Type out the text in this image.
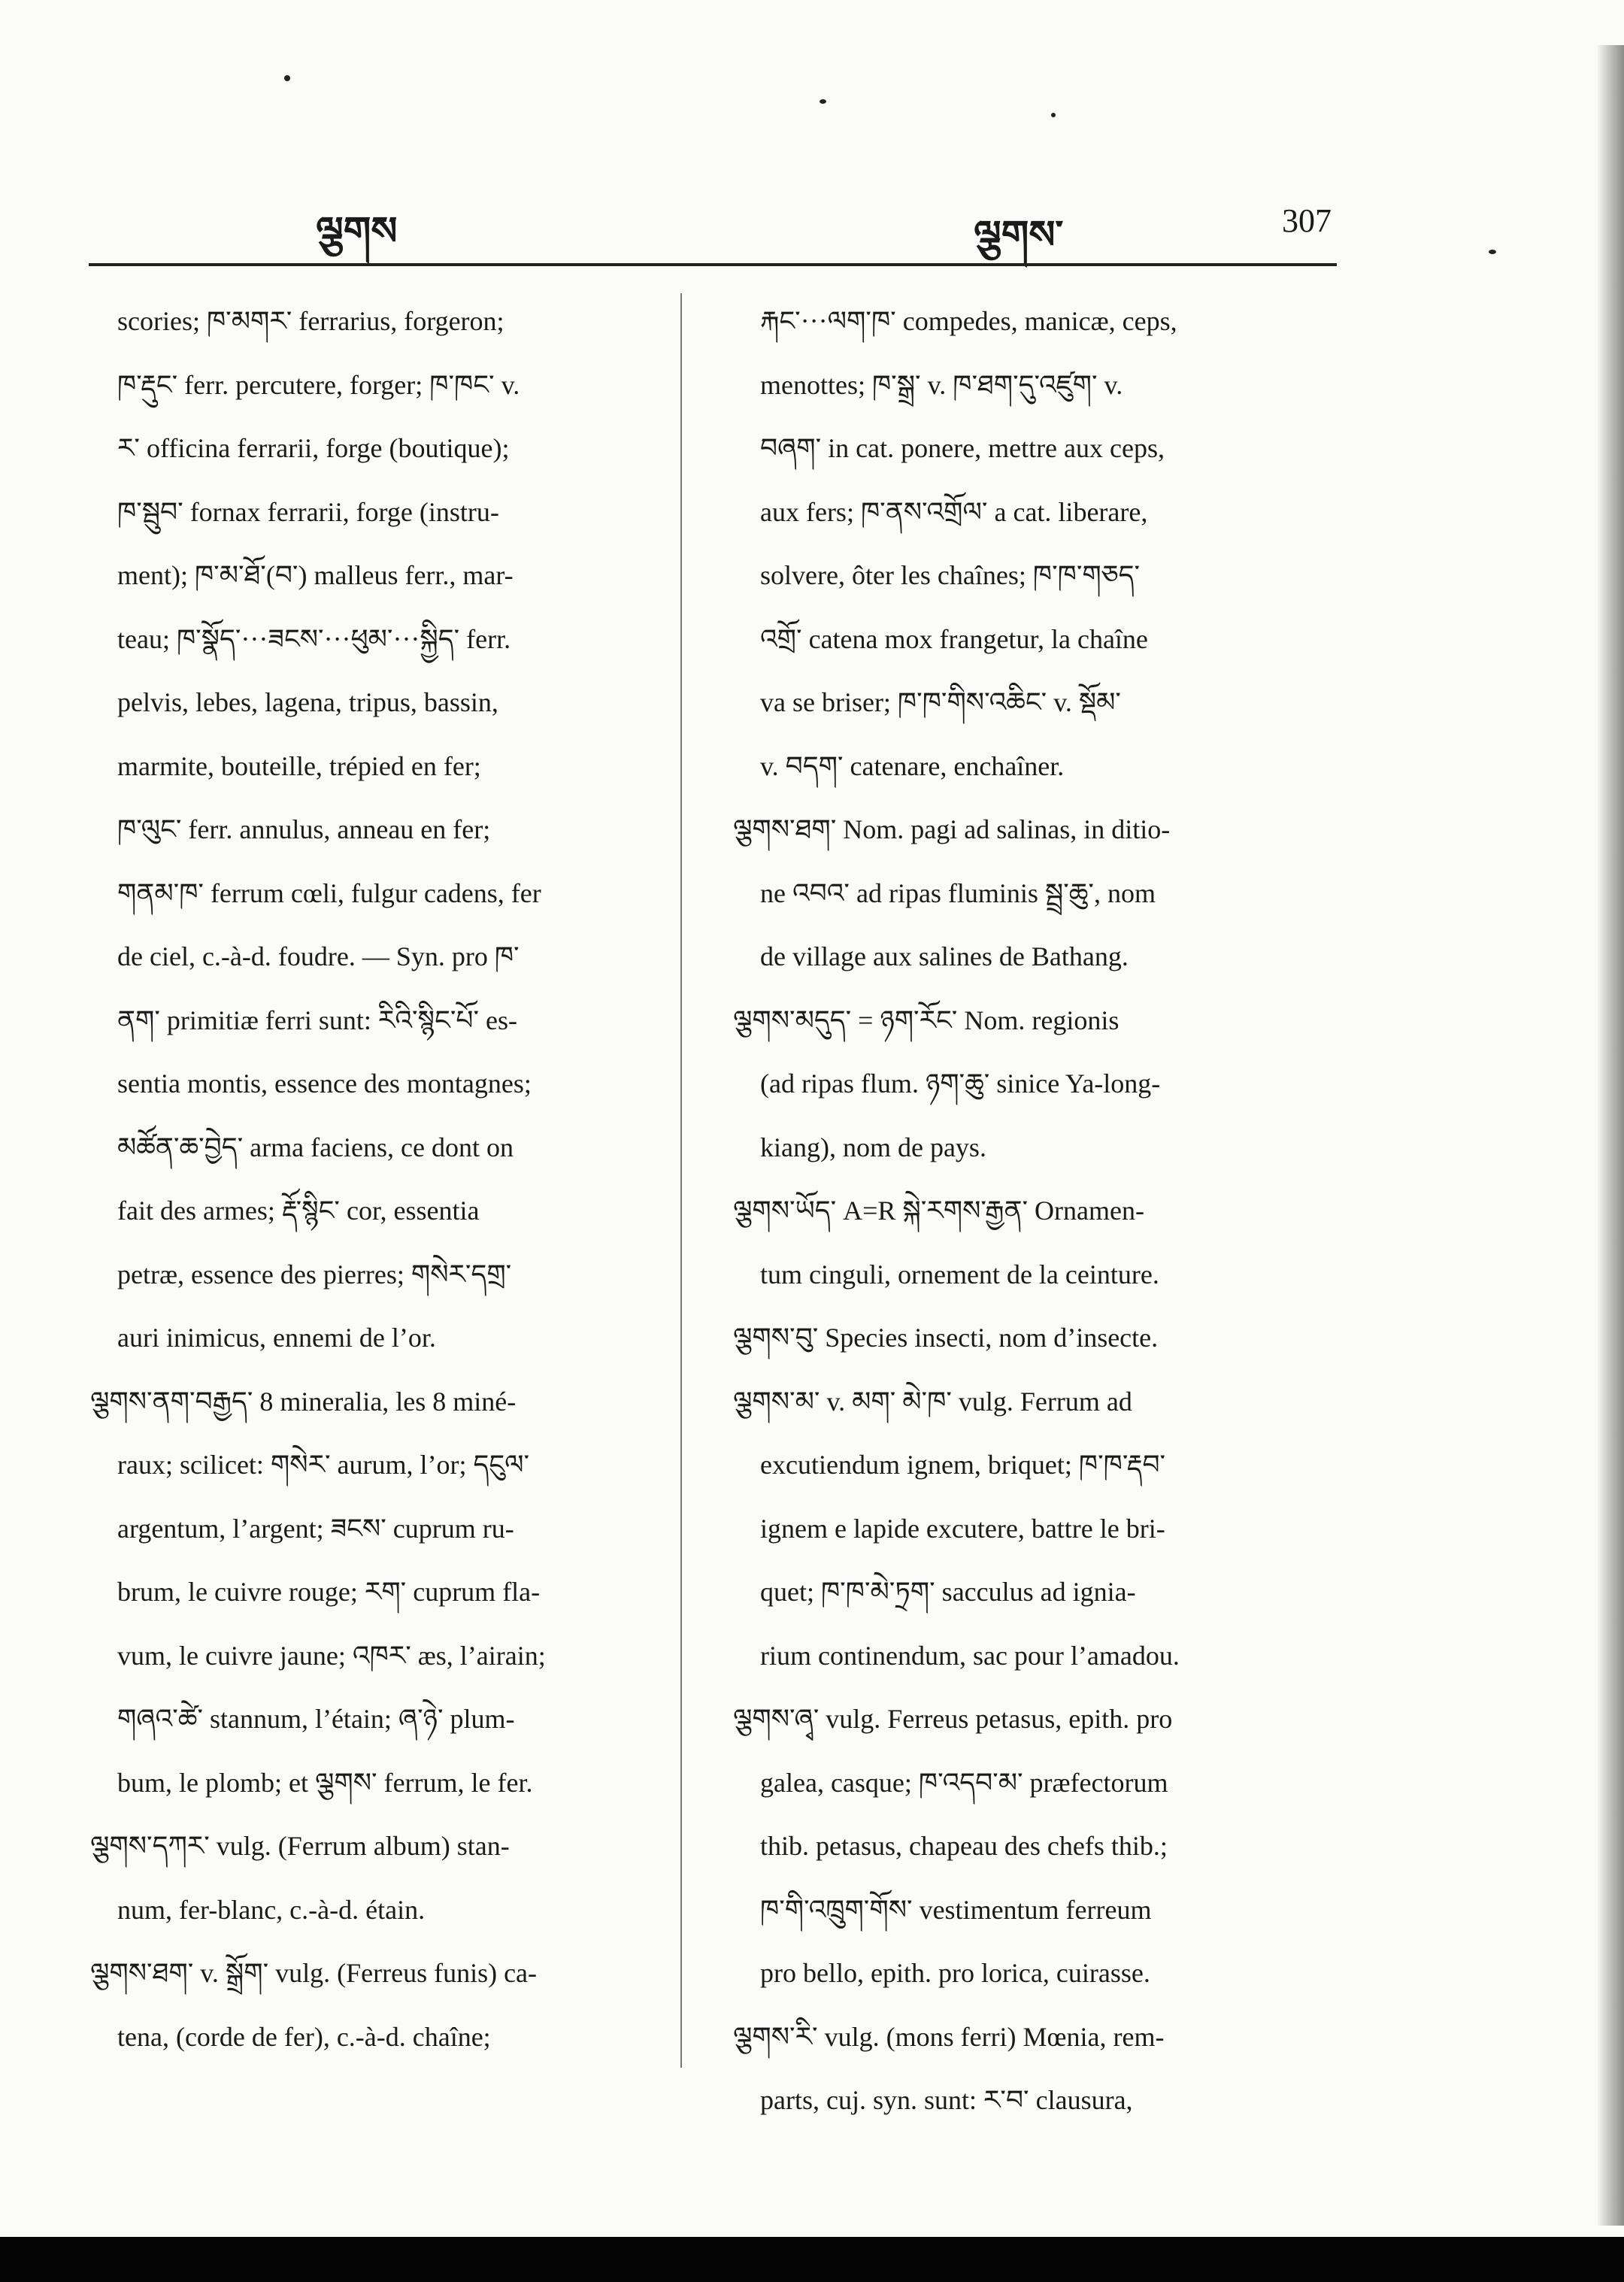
ལྕགས	ལྕགས་	307
scories; ཁ་མགར་ ferrarius, forgeron;
ཁ་རྡུང་ ferr. percutere, forger; ཁ་ཁང་ v.
ར་ officina ferrarii, forge (boutique);
ཁ་སྦུབ་ fornax ferrarii, forge (instru-
ment); ཁ་མ་ཐོ་(བ་) malleus ferr., mar-
teau; ཁ་སྣོད་···ཟངས་···ཕུམ་···སྐྱིད་ ferr.
pelvis, lebes, lagena, tripus, bassin,
marmite, bouteille, trépied en fer;
ཁ་ལུང་ ferr. annulus, anneau en fer;
གནམ་ཁ་ ferrum cœli, fulgur cadens, fer
de ciel, c.-à-d. foudre. — Syn. pro ཁ་
ནག་ primitiæ ferri sunt: རིའི་སྙིང་པོ་ es-
sentia montis, essence des montagnes;
མཚོན་ཆ་བྱེད་ arma faciens, ce dont on
fait des armes; རྡོ་སྙིང་ cor, essentia
petræ, essence des pierres; གསེར་དགྲ་
auri inimicus, ennemi de l’or.
ལྕགས་ནག་བརྒྱད་ 8 mineralia, les 8 miné-
raux; scilicet: གསེར་ aurum, l’or; དངུལ་
argentum, l’argent; ཟངས་ cuprum ru-
brum, le cuivre rouge; རག་ cuprum fla-
vum, le cuivre jaune; འཁར་ æs, l’airain;
གཞའ་ཚེ་ stannum, l’étain; ཞ་ཉེ་ plum-
bum, le plomb; et ལྕགས་ ferrum, le fer.
ལྕགས་དཀར་ vulg. (Ferrum album) stan-
num, fer-blanc, c.-à-d. étain.
ལྕགས་ཐག་ v. སྒྲོག་ vulg. (Ferreus funis) ca-
tena, (corde de fer), c.-à-d. chaîne;
རྐང་···ལག་ཁ་ compedes, manicæ, ceps,
menottes; ཁ་སྒྲ་ v. ཁ་ཐག་དུ་འཛུག་ v.
བཞག་ in cat. ponere, mettre aux ceps,
aux fers; ཁ་ནས་འགྲོལ་ a cat. liberare,
solvere, ôter les chaînes; ཁ་ཁ་གཅད་
འགྲོ་ catena mox frangetur, la chaîne
va se briser; ཁ་ཁ་གིས་འཆིང་ v. སྡོམ་
v. བདག་ catenare, enchaîner.
ལྕགས་ཐག་ Nom. pagi ad salinas, in ditio-
ne འབའ་ ad ripas fluminis སྦྲ་ཆུ་, nom
de village aux salines de Bathang.
ལྕགས་མདུད་ = ཉག་རོང་ Nom. regionis
(ad ripas flum. ཉག་ཆུ་ sinice Ya-long-
kiang), nom de pays.
ལྕགས་ཡོད་ A=R སྐེ་རགས་རྒྱན་ Ornamen-
tum cinguli, ornement de la ceinture.
ལྕགས་བུ་ Species insecti, nom d’insecte.
ལྕགས་མ་ v. མག་ མེ་ཁ་ vulg. Ferrum ad
excutiendum ignem, briquet; ཁ་ཁ་རྡབ་
ignem e lapide excutere, battre le bri-
quet; ཁ་ཁ་མེ་ཏྲག་ sacculus ad ignia-
rium continendum, sac pour l’amadou.
ལྕགས་ཞྭ་ vulg. Ferreus petasus, epith. pro
galea, casque; ཁ་འདབ་མ་ præfectorum
thib. petasus, chapeau des chefs thib.;
ཁ་གི་འཁྲུག་གོས་ vestimentum ferreum
pro bello, epith. pro lorica, cuirasse.
ལྕགས་རི་ vulg. (mons ferri) Mœnia, rem-
parts, cuj. syn. sunt: ར་བ་ clausura,
